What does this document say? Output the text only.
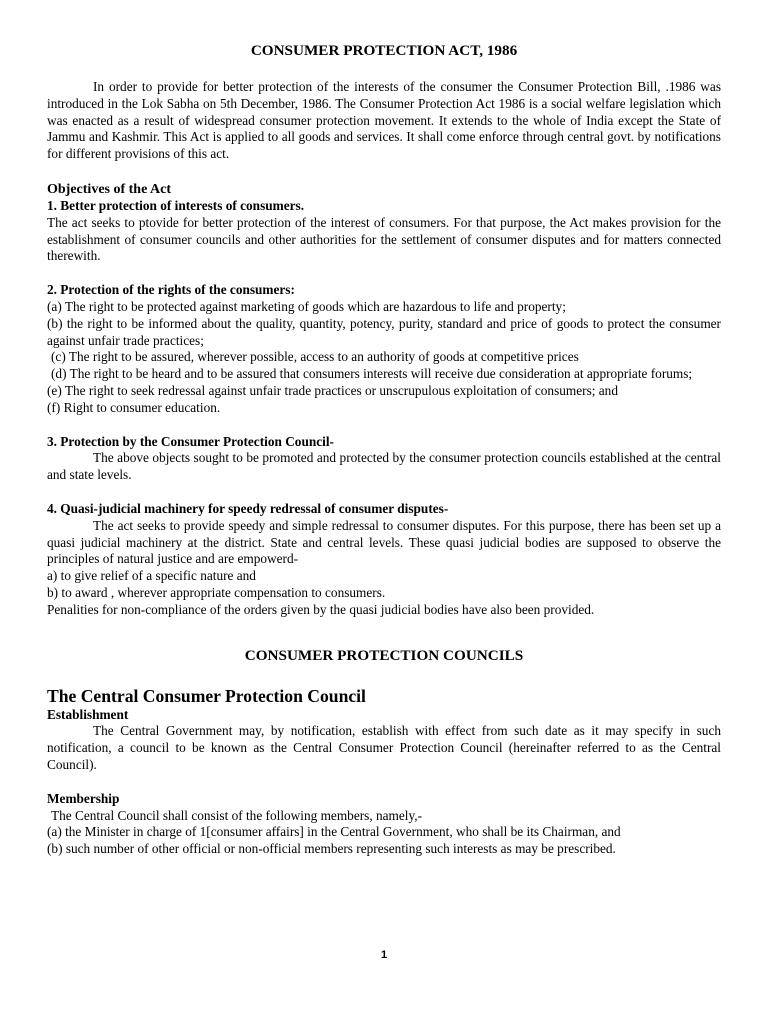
CONSUMER PROTECTION ACT, 1986

In order to provide for better protection of the interests of the consumer the Consumer Protection Bill, .1986 was introduced in the Lok Sabha on 5th December, 1986. The Consumer Protection Act 1986 is a social welfare legislation which was enacted as a result of widespread consumer protection movement. It extends to the whole of India except the State of Jammu and Kashmir. This Act is applied to all goods and services. It shall come enforce through central govt. by notifications for different provisions of this act.

Objectives of the Act
1. Better protection of interests of consumers.

The act seeks to ptovide for better protection of the interest of consumers. For that purpose, the Act makes provision for the establishment of consumer councils and other authorities for the settlement of consumer disputes and for matters connected therewith.

2. Protection of the rights of the consumers:

(a) The right to be protected against marketing of goods which are hazardous to life and property;

(b) the right to be informed about the quality, quantity, potency, purity, standard and price of goods to protect the consumer against unfair trade practices;

(c) The right to be assured, wherever possible, access to an authority of goods at competitive prices

(d) The right to be heard and to be assured that consumers interests will receive due consideration at appropriate forums;

(e) The right to seek redressal against unfair trade practices or unscrupulous exploitation of consumers; and

(f) Right to consumer education.

3. Protection by the Consumer Protection Council-

The above objects sought to be promoted and protected by the consumer protection councils established at the central and state levels.

4. Quasi-judicial machinery for speedy redressal of consumer disputes-

The act seeks to provide speedy and simple redressal to consumer disputes. For this purpose, there has been set up a quasi judicial machinery at the district. State and central levels. These quasi judicial bodies are supposed to observe the principles of natural justice and are empowerd-

a) to give relief of a specific nature and

b) to award , wherever appropriate compensation to consumers.

Penalities for non-compliance of the orders given by the quasi judicial bodies have also been provided.

CONSUMER PROTECTION COUNCILS
The Central Consumer Protection Council
Establishment

The Central Government may, by notification, establish with effect from such date as it may specify in such notification, a council to be known as the Central Consumer Protection Council (hereinafter referred to as the Central Council).

Membership

The Central Council shall consist of the following members, namely,-

(a) the Minister in charge of 1[consumer affairs] in the Central Government, who shall be its Chairman, and

(b) such number of other official or non-official members representing such interests as may be prescribed.

1
